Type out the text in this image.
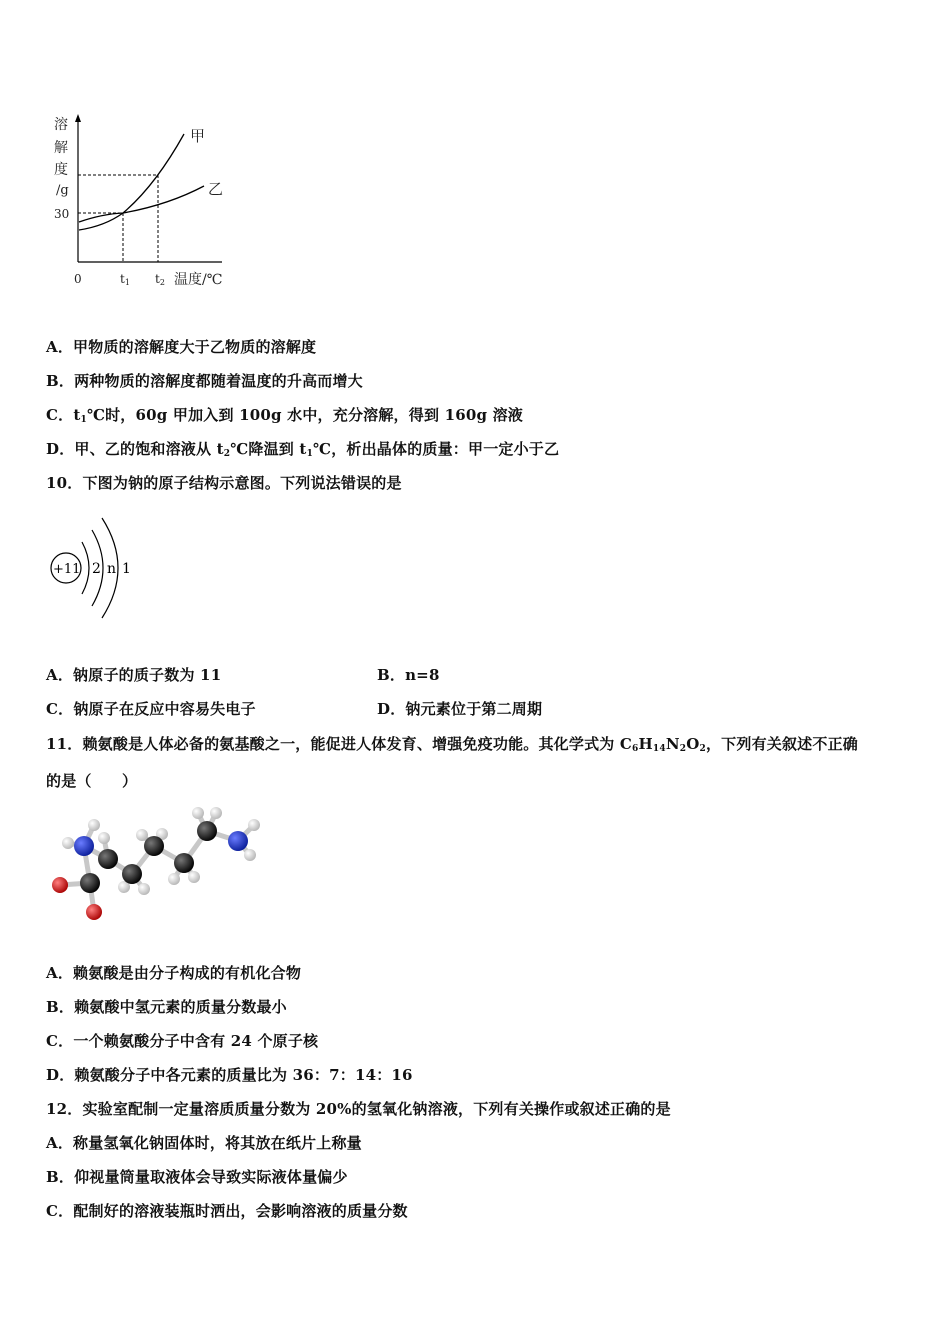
溶
解
度
/g
30
0	t1 t2 温度/℃
甲
乙
A．甲物质的溶解度大于乙物质的溶解度
B．两种物质的溶解度都随着温度的升高而增大
C．$t_1℃$时，60g 甲加入到 100g 水中，充分溶解，得到 160g 溶液
D．甲、乙的饱和溶液从 $t_2℃$降温到 $t_1℃$，析出晶体的质量：甲一定小于乙
10．下图为钠的原子结构示意图。下列说法错误的是
+11 2 n 1
A．钠原子的质子数为 11	B．n=8
C．钠原子在反应中容易失电子	D．钠元素位于第二周期
11．赖氨酸是人体必备的氨基酸之一，能促进人体发育、增强免疫功能。其化学式为 $C_6H_{14}N_2O_2$，下列有关叙述不正确
的是（　　）
A．赖氨酸是由分子构成的有机化合物
B．赖氨酸中氢元素的质量分数最小
C．一个赖氨酸分子中含有 24 个原子核
D．赖氨酸分子中各元素的质量比为 36：7：14：16
12．实验室配制一定量溶质质量分数为 20%的氢氧化钠溶液，下列有关操作或叙述正确的是
A．称量氢氧化钠固体时，将其放在纸片上称量
B．仰视量筒量取液体会导致实际液体量偏少
C．配制好的溶液装瓶时洒出，会影响溶液的质量分数
